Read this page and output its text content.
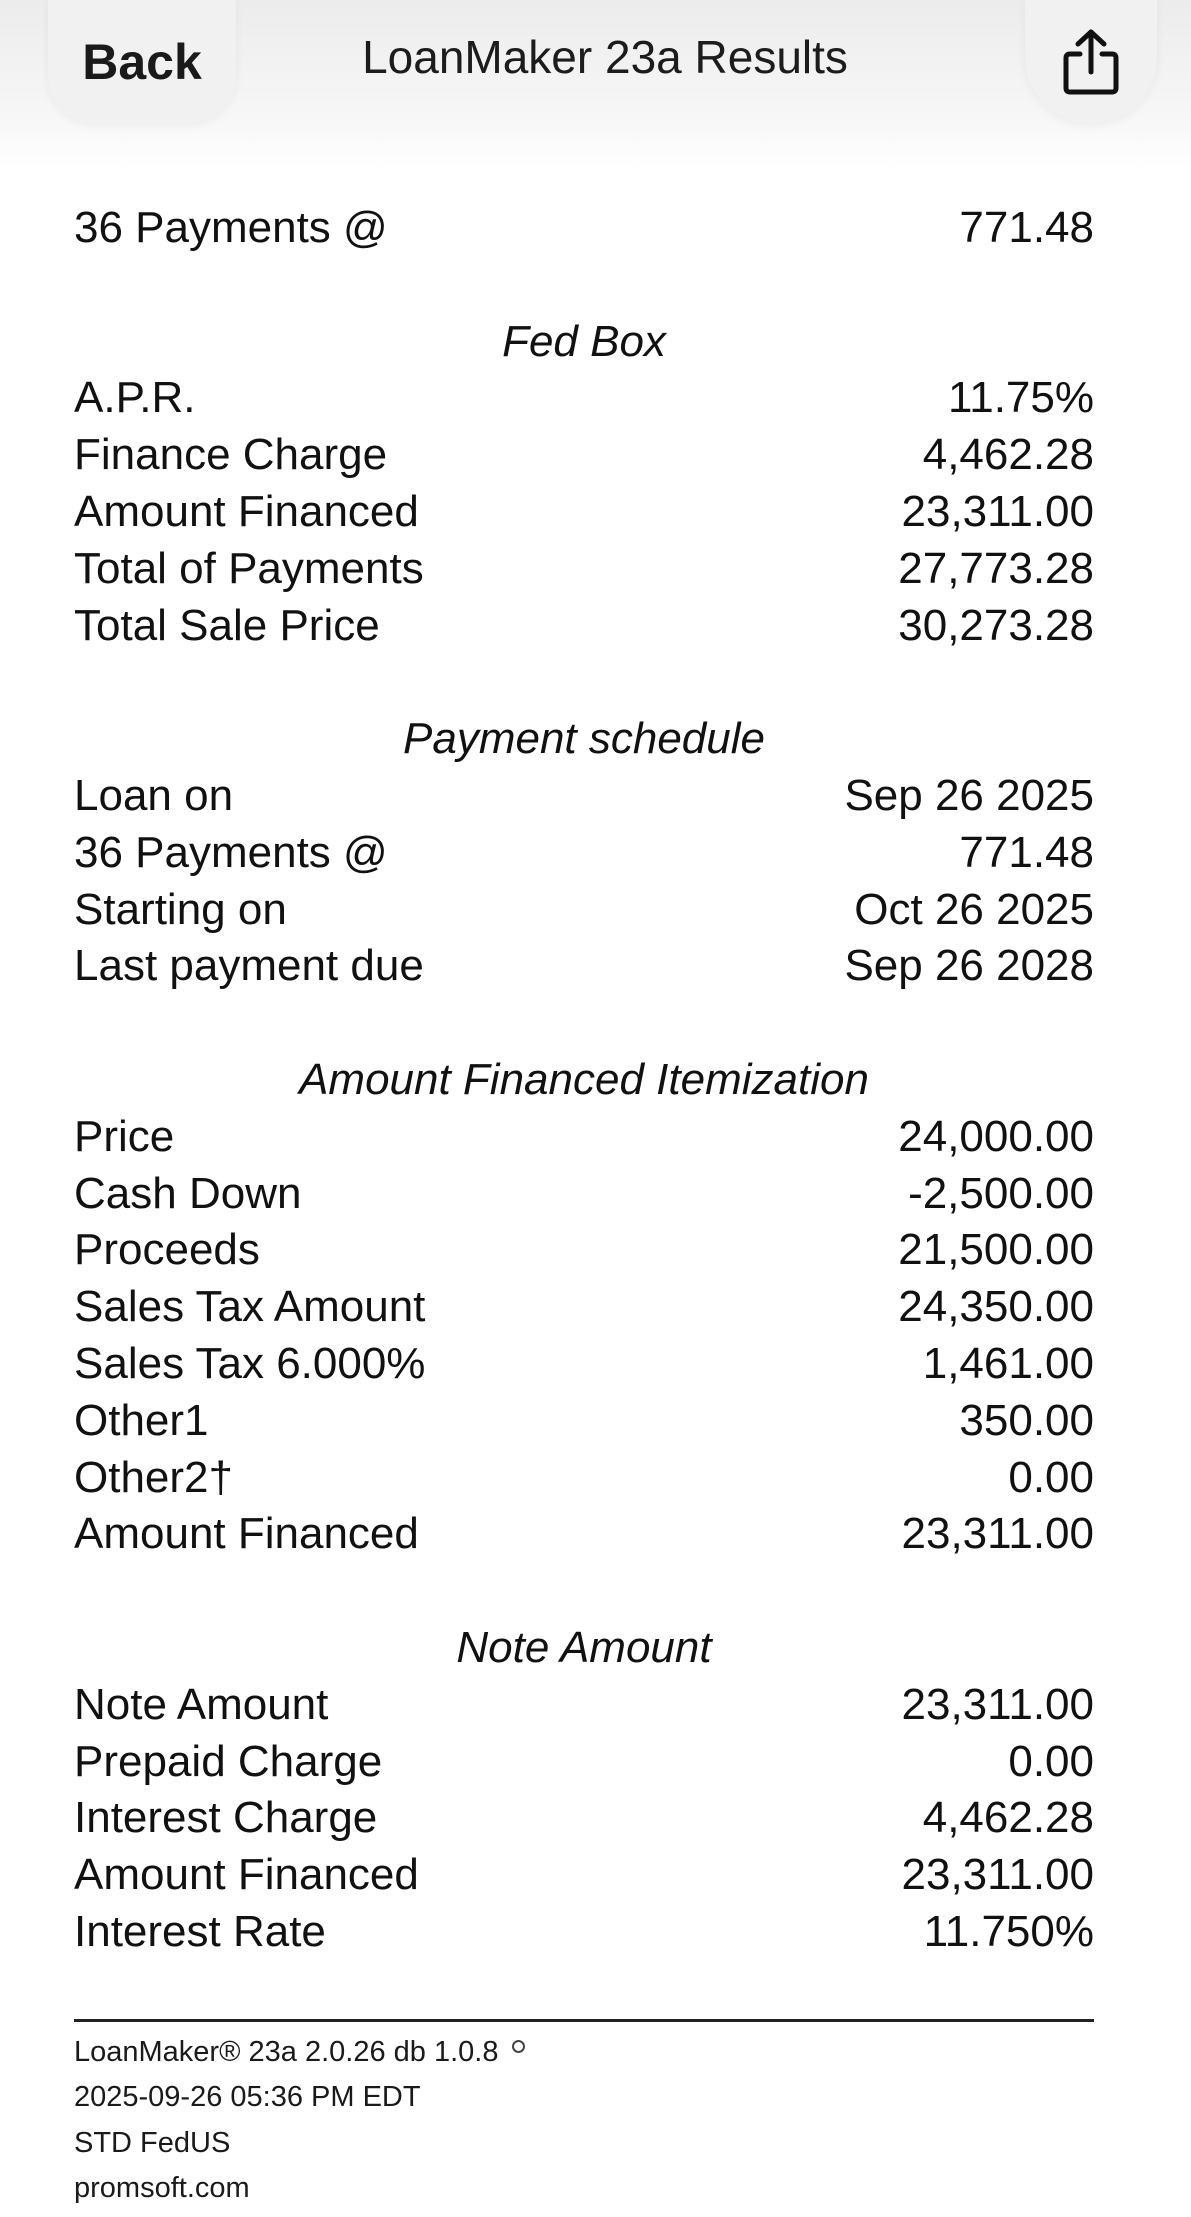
Back	LoanMaker 23a Results
36 Payments @	771.48
Fed Box
A.P.R.	11.75%
Finance Charge	4,462.28
Amount Financed	23,311.00
Total of Payments	27,773.28
Total Sale Price	30,273.28
Payment schedule
Loan on	Sep 26 2025
36 Payments @	771.48
Starting on	Oct 26 2025
Last payment due	Sep 26 2028
Amount Financed Itemization
Price	24,000.00
Cash Down	-2,500.00
Proceeds	21,500.00
Sales Tax Amount	24,350.00
Sales Tax 6.000%	1,461.00
Other1	350.00
Other2†	0.00
Amount Financed	23,311.00
Note Amount
Note Amount	23,311.00
Prepaid Charge	0.00
Interest Charge	4,462.28
Amount Financed	23,311.00
Interest Rate	11.750%
LoanMaker® 23a 2.0.26 db 1.0.8
2025-09-26 05:36 PM EDT
STD FedUS
promsoft.com
